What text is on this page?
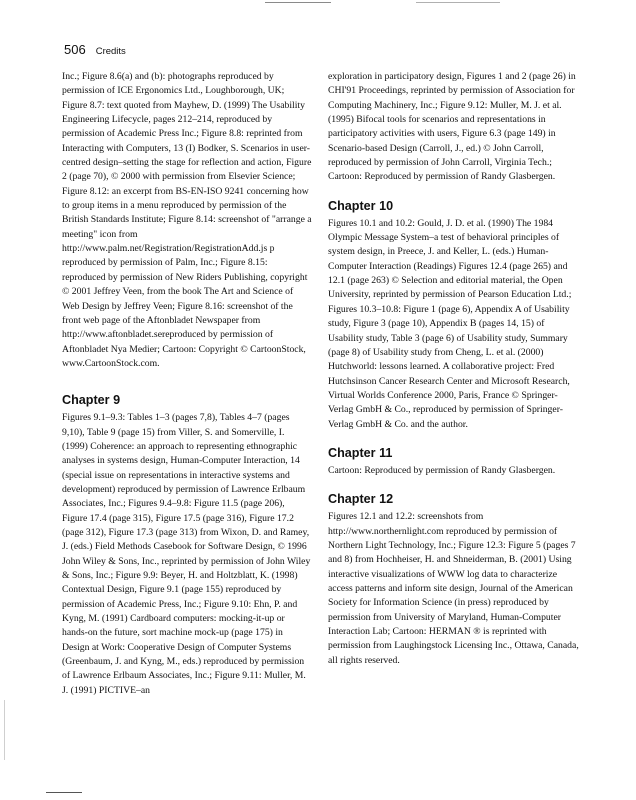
506 Credits

Inc.; Figure 8.6(a) and (b): photographs reproduced by permission of ICE Ergonomics Ltd., Loughborough, UK; Figure 8.7: text quoted from Mayhew, D. (1999) The Usability Engineering Lifecycle, pages 212–214, reproduced by permission of Academic Press Inc.; Figure 8.8: reprinted from Interacting with Computers, 13 (I) Bodker, S. Scenarios in user-centred design–setting the stage for reflection and action, Figure 2 (page 70), © 2000 with permission from Elsevier Science; Figure 8.12: an excerpt from BS-EN-ISO 9241 concerning how to group items in a menu reproduced by permission of the British Standards Institute; Figure 8.14: screenshot of "arrange a meeting" icon from http://www.palm.net/Registration/RegistrationAdd.js p reproduced by permission of Palm, Inc.; Figure 8.15: reproduced by permission of New Riders Publishing, copyright © 2001 Jeffrey Veen, from the book The Art and Science of Web Design by Jeffrey Veen; Figure 8.16: screenshot of the front web page of the Aftonbladet Newspaper from http://www.aftonbladet.sereproduced by permission of Aftonbladet Nya Medier; Cartoon: Copyright © CartoonStock, www.CartoonStock.com.

Chapter 9

Figures 9.1–9.3: Tables 1–3 (pages 7,8), Tables 4–7 (pages 9,10), Table 9 (page 15) from Viller, S. and Somerville, I. (1999) Coherence: an approach to representing ethnographic analyses in systems design, Human-Computer Interaction, 14 (special issue on representations in interactive systems and development) reproduced by permission of Lawrence Erlbaum Associates, Inc.; Figures 9.4–9.8: Figure 11.5 (page 206), Figure 17.4 (page 315), Figure 17.5 (page 316), Figure 17.2 (page 312), Figure 17.3 (page 313) from Wixon, D. and Ramey, J. (eds.) Field Methods Casebook for Software Design, © 1996 John Wiley & Sons, Inc., reprinted by permission of John Wiley & Sons, Inc.; Figure 9.9: Beyer, H. and Holtzblatt, K. (1998) Contextual Design, Figure 9.1 (page 155) reproduced by permission of Academic Press, Inc.; Figure 9.10: Ehn, P. and Kyng, M. (1991) Cardboard computers: mocking-it-up or hands-on the future, sort machine mock-up (page 175) in Design at Work: Cooperative Design of Computer Systems (Greenbaum, J. and Kyng, M., eds.) reproduced by permission of Lawrence Erlbaum Associates, Inc.; Figure 9.11: Muller, M. J. (1991) PICTIVE–an

exploration in participatory design, Figures 1 and 2 (page 26) in CHI'91 Proceedings, reprinted by permission of Association for Computing Machinery, Inc.; Figure 9.12: Muller, M. J. et al. (1995) Bifocal tools for scenarios and representations in participatory activities with users, Figure 6.3 (page 149) in Scenario-based Design (Carroll, J., ed.) © John Carroll, reproduced by permission of John Carroll, Virginia Tech.; Cartoon: Reproduced by permission of Randy Glasbergen.

Chapter 10

Figures 10.1 and 10.2: Gould, J. D. et al. (1990) The 1984 Olympic Message System–a test of behavioral principles of system design, in Preece, J. and Keller, L. (eds.) Human-Computer Interaction (Readings) Figures 12.4 (page 265) and 12.1 (page 263) © Selection and editorial material, the Open University, reprinted by permission of Pearson Education Ltd.; Figures 10.3–10.8: Figure 1 (page 6), Appendix A of Usability study, Figure 3 (page 10), Appendix B (pages 14, 15) of Usability study, Table 3 (page 6) of Usability study, Summary (page 8) of Usability study from Cheng, L. et al. (2000) Hutchworld: lessons learned. A collaborative project: Fred Hutchsinson Cancer Research Center and Microsoft Research, Virtual Worlds Conference 2000, Paris, France © Springer-Verlag GmbH & Co., reproduced by permission of Springer-Verlag GmbH & Co. and the author.

Chapter 11

Cartoon: Reproduced by permission of Randy Glasbergen.

Chapter 12

Figures 12.1 and 12.2: screenshots from http://www.northernlight.com reproduced by permission of Northern Light Technology, Inc.; Figure 12.3: Figure 5 (pages 7 and 8) from Hochheiser, H. and Shneiderman, B. (2001) Using interactive visualizations of WWW log data to characterize access patterns and inform site design, Journal of the American Society for Information Science (in press) reproduced by permission from University of Maryland, Human-Computer Interaction Lab; Cartoon: HERMAN ® is reprinted with permission from Laughingstock Licensing Inc., Ottawa, Canada, all rights reserved.
